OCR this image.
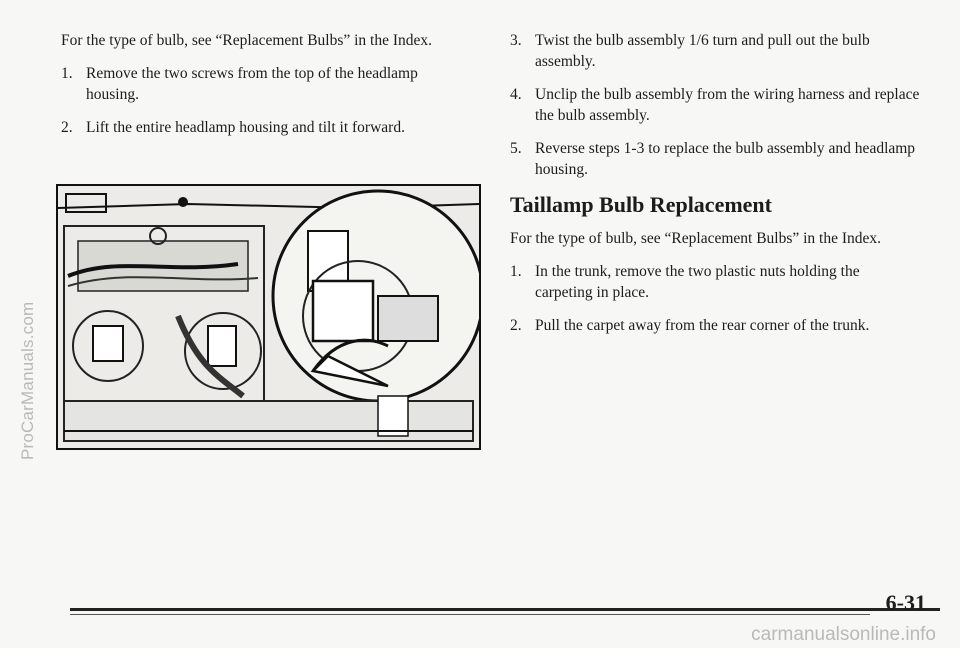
ProCarManuals.com

For the type of bulb, see “Replacement Bulbs” in the Index.

1. Remove the two screws from the top of the headlamp housing.
2. Lift the entire headlamp housing and tilt it forward.
3. Twist the bulb assembly 1/6 turn and pull out the bulb assembly.
4. Unclip the bulb assembly from the wiring harness and replace the bulb assembly.
5. Reverse steps 1-3 to replace the bulb assembly and headlamp housing.
Taillamp Bulb Replacement

For the type of bulb, see “Replacement Bulbs” in the Index.

1. In the trunk, remove the two plastic nuts holding the carpeting in place.
2. Pull the carpet away from the rear corner of the trunk.
6-31
carmanualsonline.info
